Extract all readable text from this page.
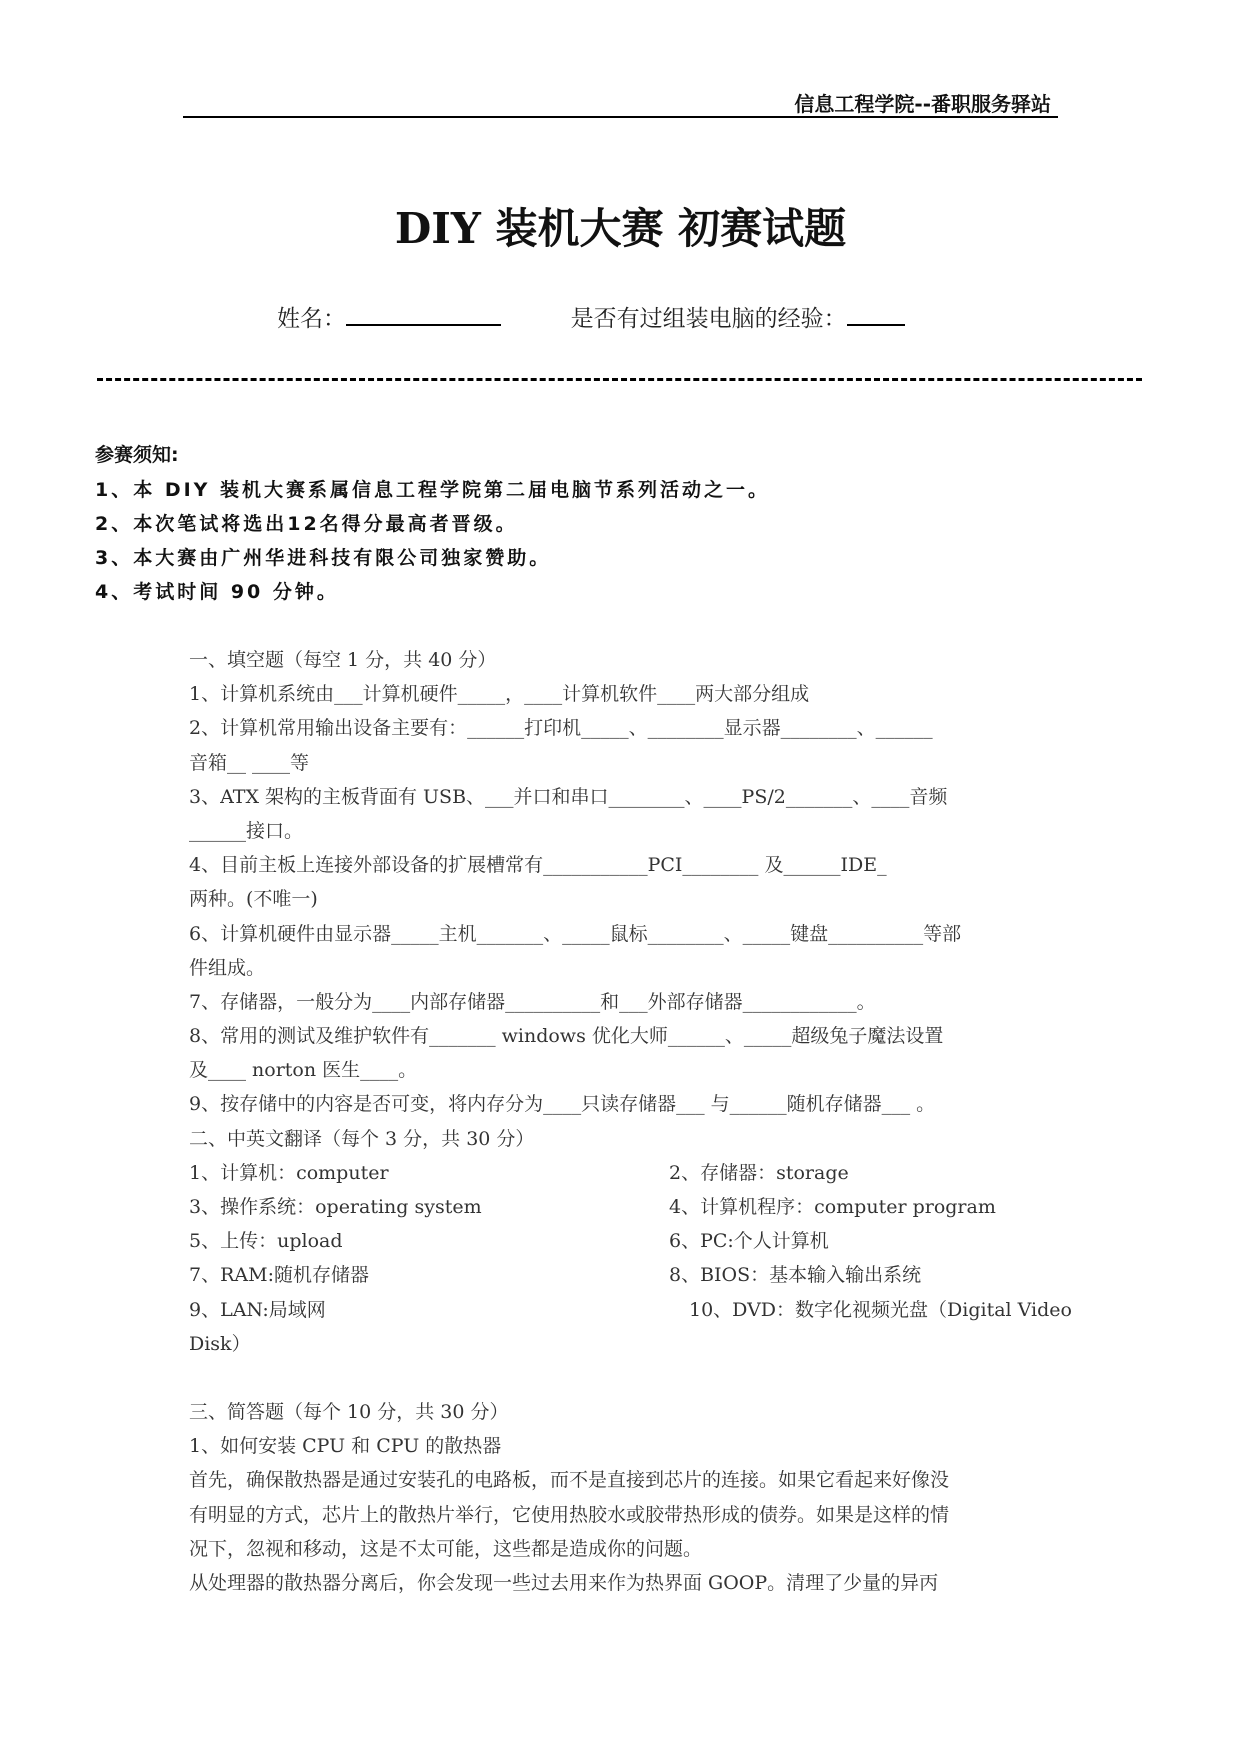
信息工程学院--番职服务驿站
DIY 装机大赛 初赛试题
姓名：	是否有过组装电脑的经验：
参赛须知:
1、本 DIY 装机大赛系属信息工程学院第二届电脑节系列活动之一。
2、本次笔试将选出12名得分最高者晋级。
3、本大赛由广州华进科技有限公司独家赞助。
4、考试时间 90 分钟。
一、填空题（每空 1 分，共 40 分）
1、计算机系统由___计算机硬件_____，____计算机软件____两大部分组成
2、计算机常用输出设备主要有：______打印机_____、________显示器________、______
音箱__ ____等
3、ATX 架构的主板背面有 USB、___并口和串口________、____PS/2_______、____音频
______接口。
4、目前主板上连接外部设备的扩展槽常有___________PCI________ 及______IDE_
两种。(不唯一)
6、计算机硬件由显示器_____主机_______、_____鼠标________、_____键盘__________等部
件组成。
7、存储器，一般分为____内部存储器__________和___外部存储器____________。
8、常用的测试及维护软件有_______ windows 优化大师______、_____超级兔子魔法设置
及____ norton 医生____。
9、按存储中的内容是否可变，将内存分为____只读存储器___ 与______随机存储器___ 。
二、中英文翻译（每个 3 分，共 30 分）
1、计算机：computer	2、存储器：storage
3、操作系统：operating system	4、计算机程序：computer program
5、上传：upload	6、PC:个人计算机
7、RAM:随机存储器	8、BIOS：基本输入输出系统
9、LAN:局域网	10、DVD：数字化视频光盘（Digital Video
Disk）
三、简答题（每个 10 分，共 30 分）
1、如何安装 CPU 和 CPU 的散热器
首先，确保散热器是通过安装孔的电路板，而不是直接到芯片的连接。如果它看起来好像没
有明显的方式，芯片上的散热片举行，它使用热胶水或胶带热形成的债券。如果是这样的情
况下，忽视和移动，这是不太可能，这些都是造成你的问题。
从处理器的散热器分离后，你会发现一些过去用来作为热界面 GOOP。清理了少量的异丙
